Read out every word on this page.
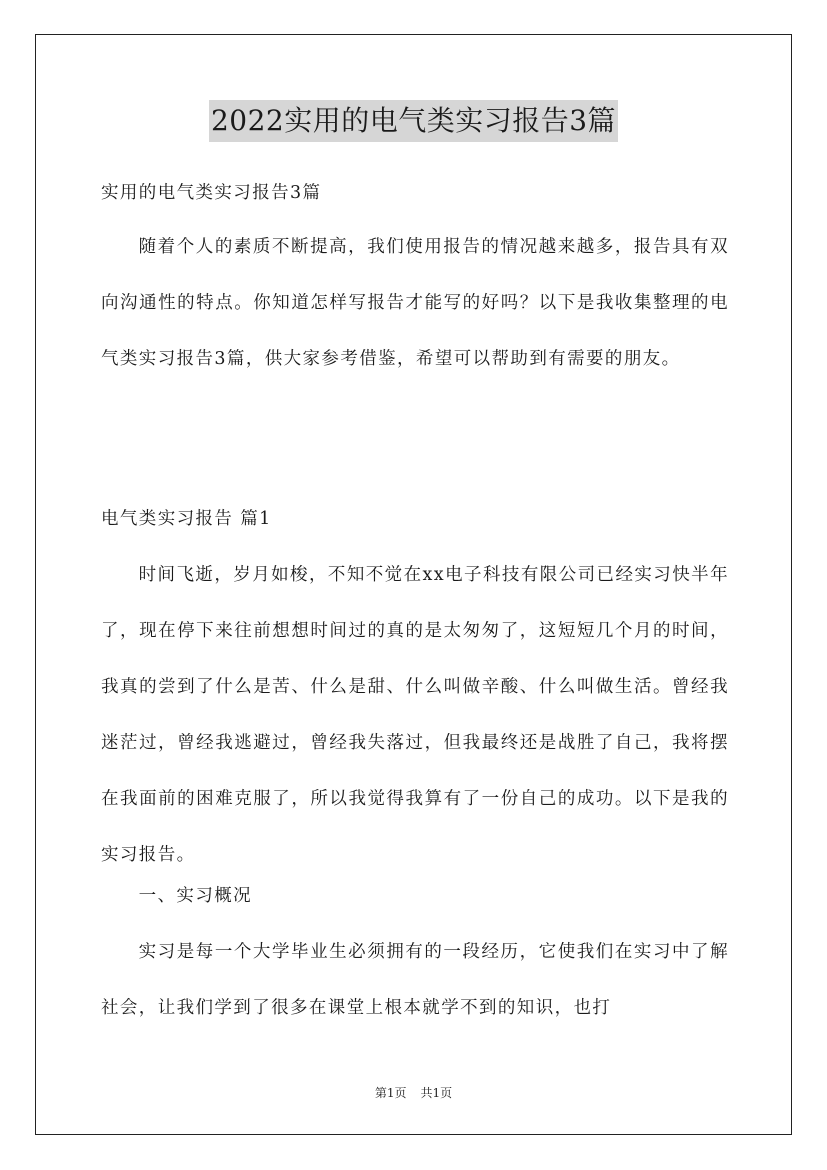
2022实用的电气类实习报告3篇

实用的电气类实习报告3篇

随着个人的素质不断提高，我们使用报告的情况越来越多，报告具有双向沟通性的特点。你知道怎样写报告才能写的好吗？以下是我收集整理的电气类实习报告3篇，供大家参考借鉴，希望可以帮助到有需要的朋友。

电气类实习报告 篇1

时间飞逝，岁月如梭，不知不觉在xx电子科技有限公司已经实习快半年了，现在停下来往前想想时间过的真的是太匆匆了，这短短几个月的时间，我真的尝到了什么是苦、什么是甜、什么叫做辛酸、什么叫做生活。曾经我迷茫过，曾经我逃避过，曾经我失落过，但我最终还是战胜了自己，我将摆在我面前的困难克服了，所以我觉得我算有了一份自己的成功。以下是我的实习报告。

一、实习概况

实习是每一个大学毕业生必须拥有的一段经历，它使我们在实习中了解社会，让我们学到了很多在课堂上根本就学不到的知识，也打

第1页 共1页
